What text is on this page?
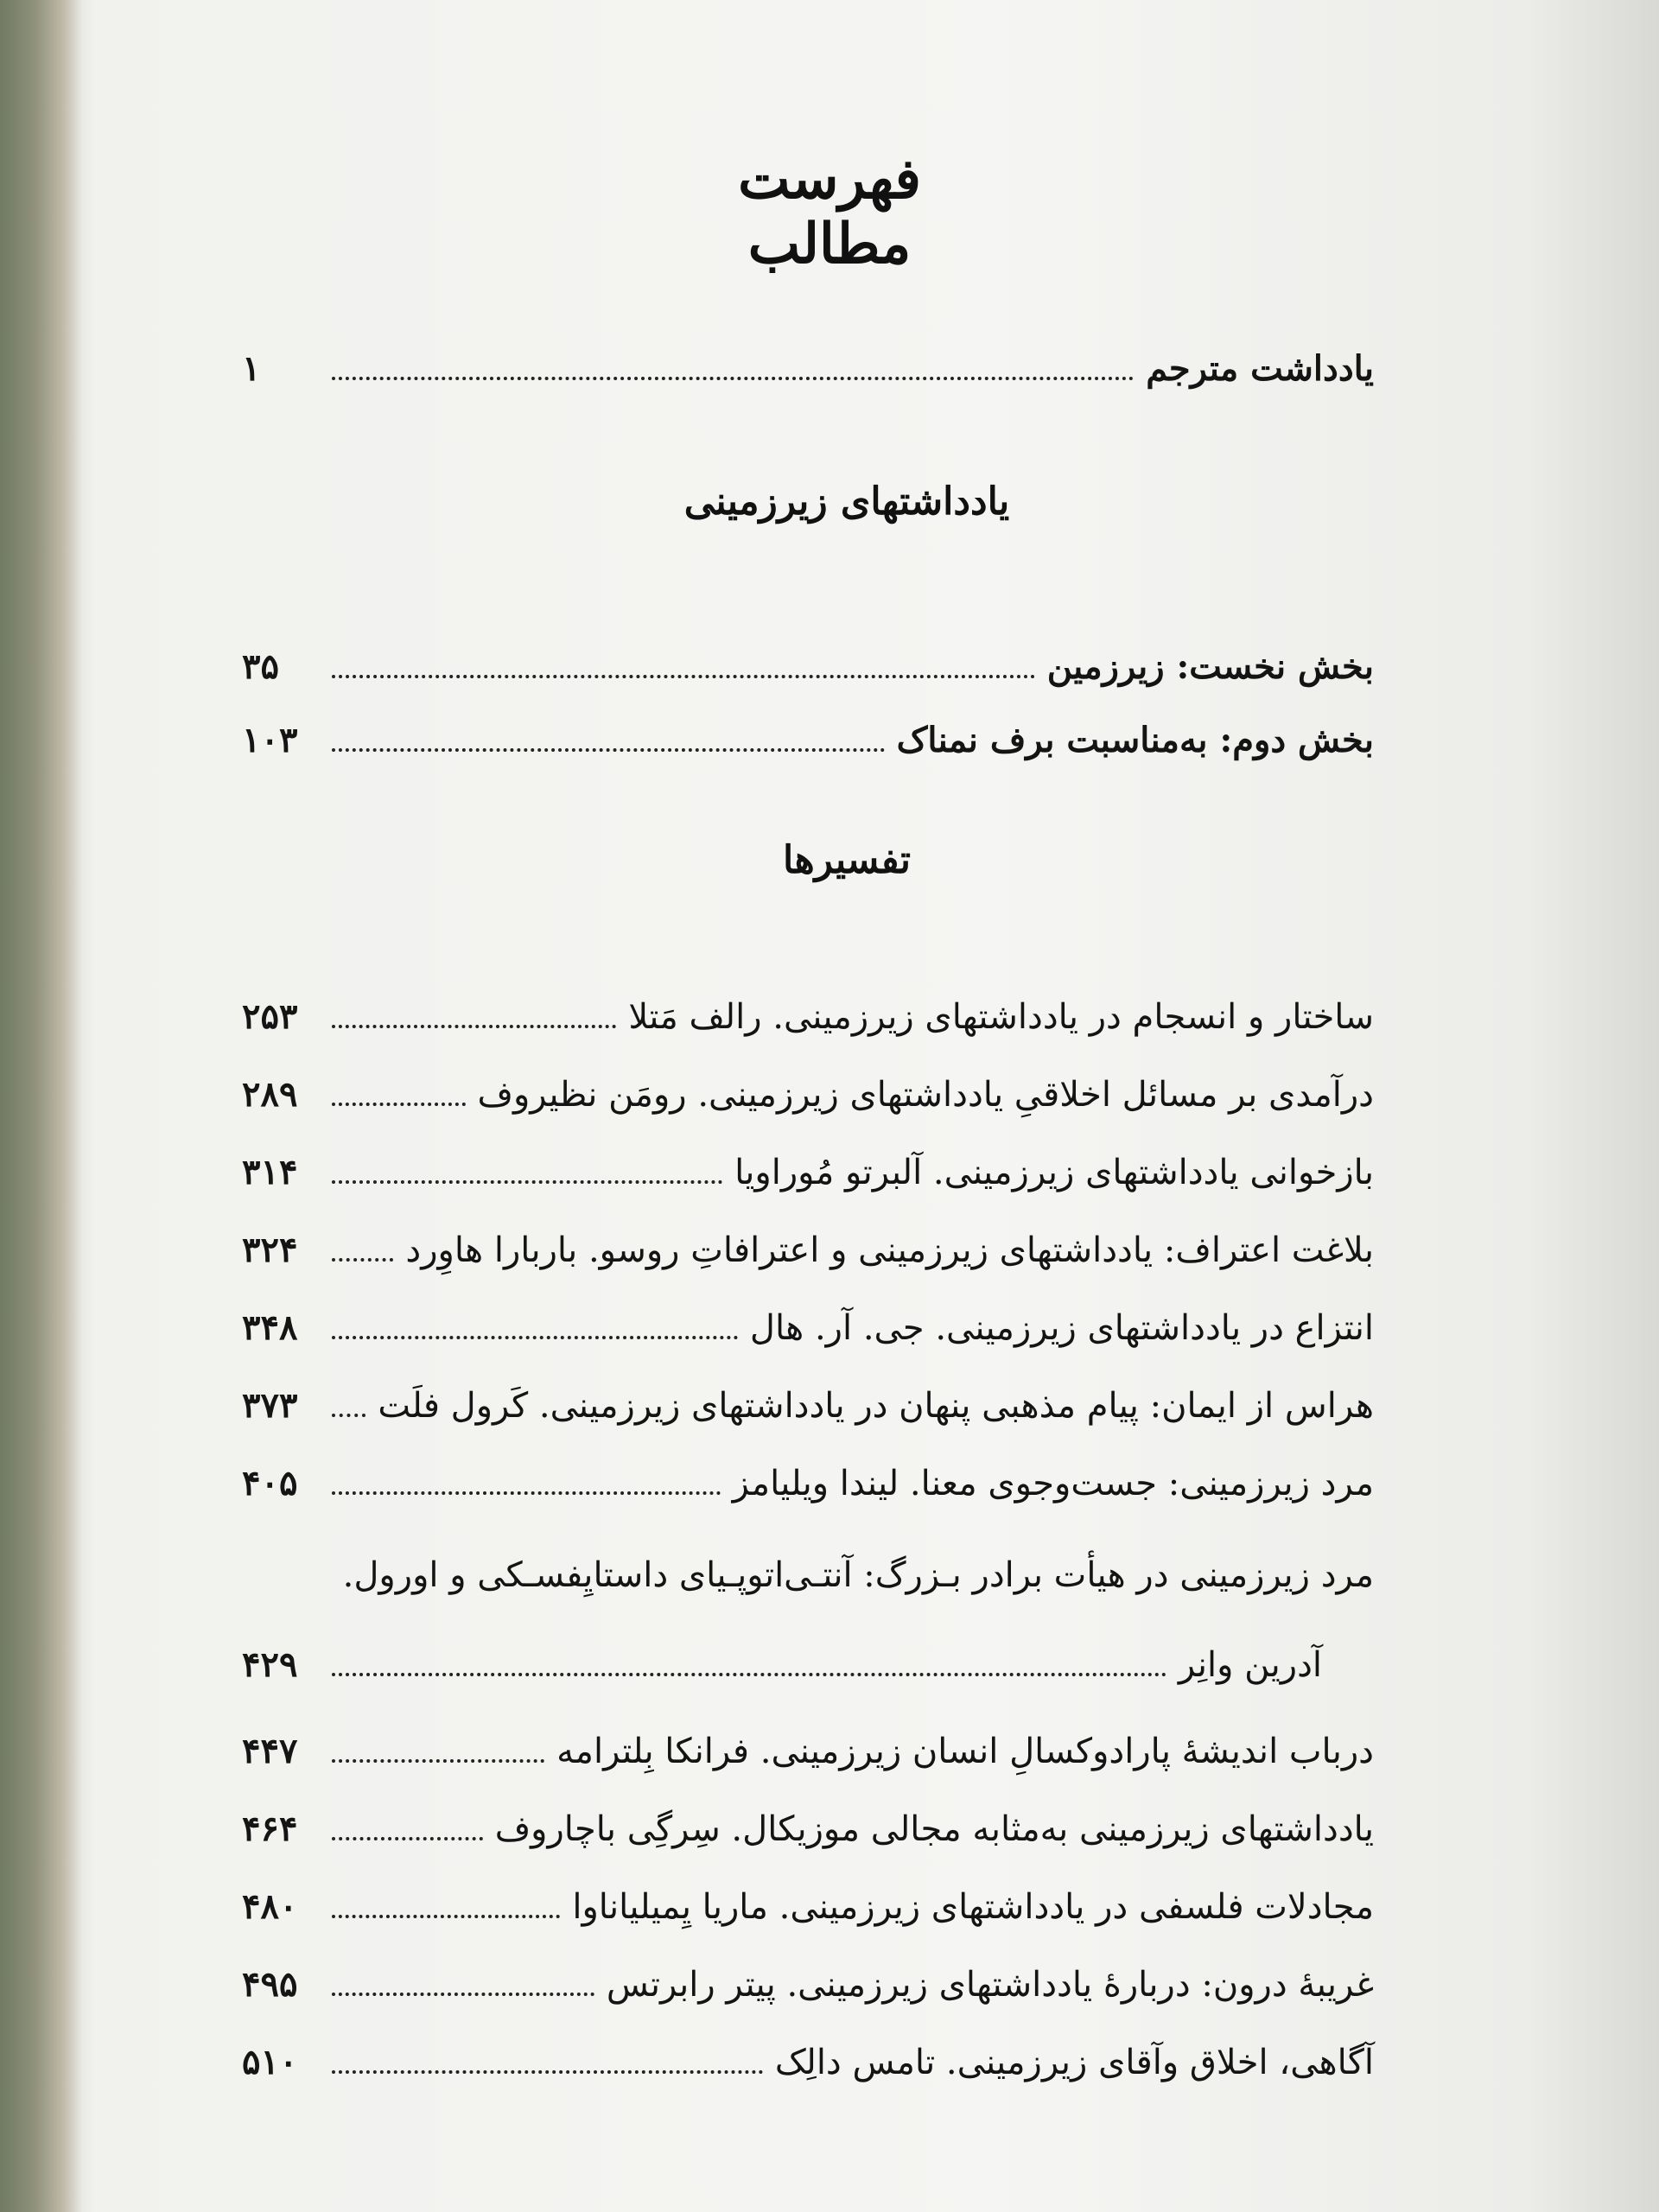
فهرست مطالب
یادداشت مترجم
۱
یادداشتهای زیرزمینی
بخش نخست: زیرزمین
۳۵
بخش دوم: به‌مناسبت برف نمناک
۱۰۳
تفسیرها
ساختار و انسجام در یادداشتهای زیرزمینی. رالف مَتلا
۲۵۳
درآمدی بر مسائل اخلاقیِ یادداشتهای زیرزمینی. رومَن نظیروف
۲۸۹
بازخوانی یادداشتهای زیرزمینی. آلبرتو مُوراویا
۳۱۴
بلاغت اعتراف: یادداشتهای زیرزمینی و اعترافاتِ روسو. باربارا هاوِرد
۳۲۴
انتزاع در یادداشتهای زیرزمینی. جی. آر. هال
۳۴۸
هراس از ایمان: پیام مذهبی پنهان در یادداشتهای زیرزمینی. کَرول فلَت
۳۷۳
مرد زیرزمینی: جست‌وجوی معنا. لیندا ویلیامز
۴۰۵
مرد زیرزمینی در هیأت برادر بـزرگ: آنتـی‌اتوپـیای داستایِفسـکی و اورول.
آدرین وانِر
۴۲۹
درباب اندیشهٔ پارادوکسالِ انسان زیرزمینی. فرانکا بِلترامه
۴۴۷
یادداشتهای زیرزمینی به‌مثابه مجالی موزیکال. سِرگِی باچاروف
۴۶۴
مجادلات فلسفی در یادداشتهای زیرزمینی. ماریا یِمیلیاناوا
۴۸۰
غریبهٔ درون: دربارهٔ یادداشتهای زیرزمینی. پیتر رابرتس
۴۹۵
آگاهی، اخلاق وآقای زیرزمینی. تامس دالِک
۵۱۰
